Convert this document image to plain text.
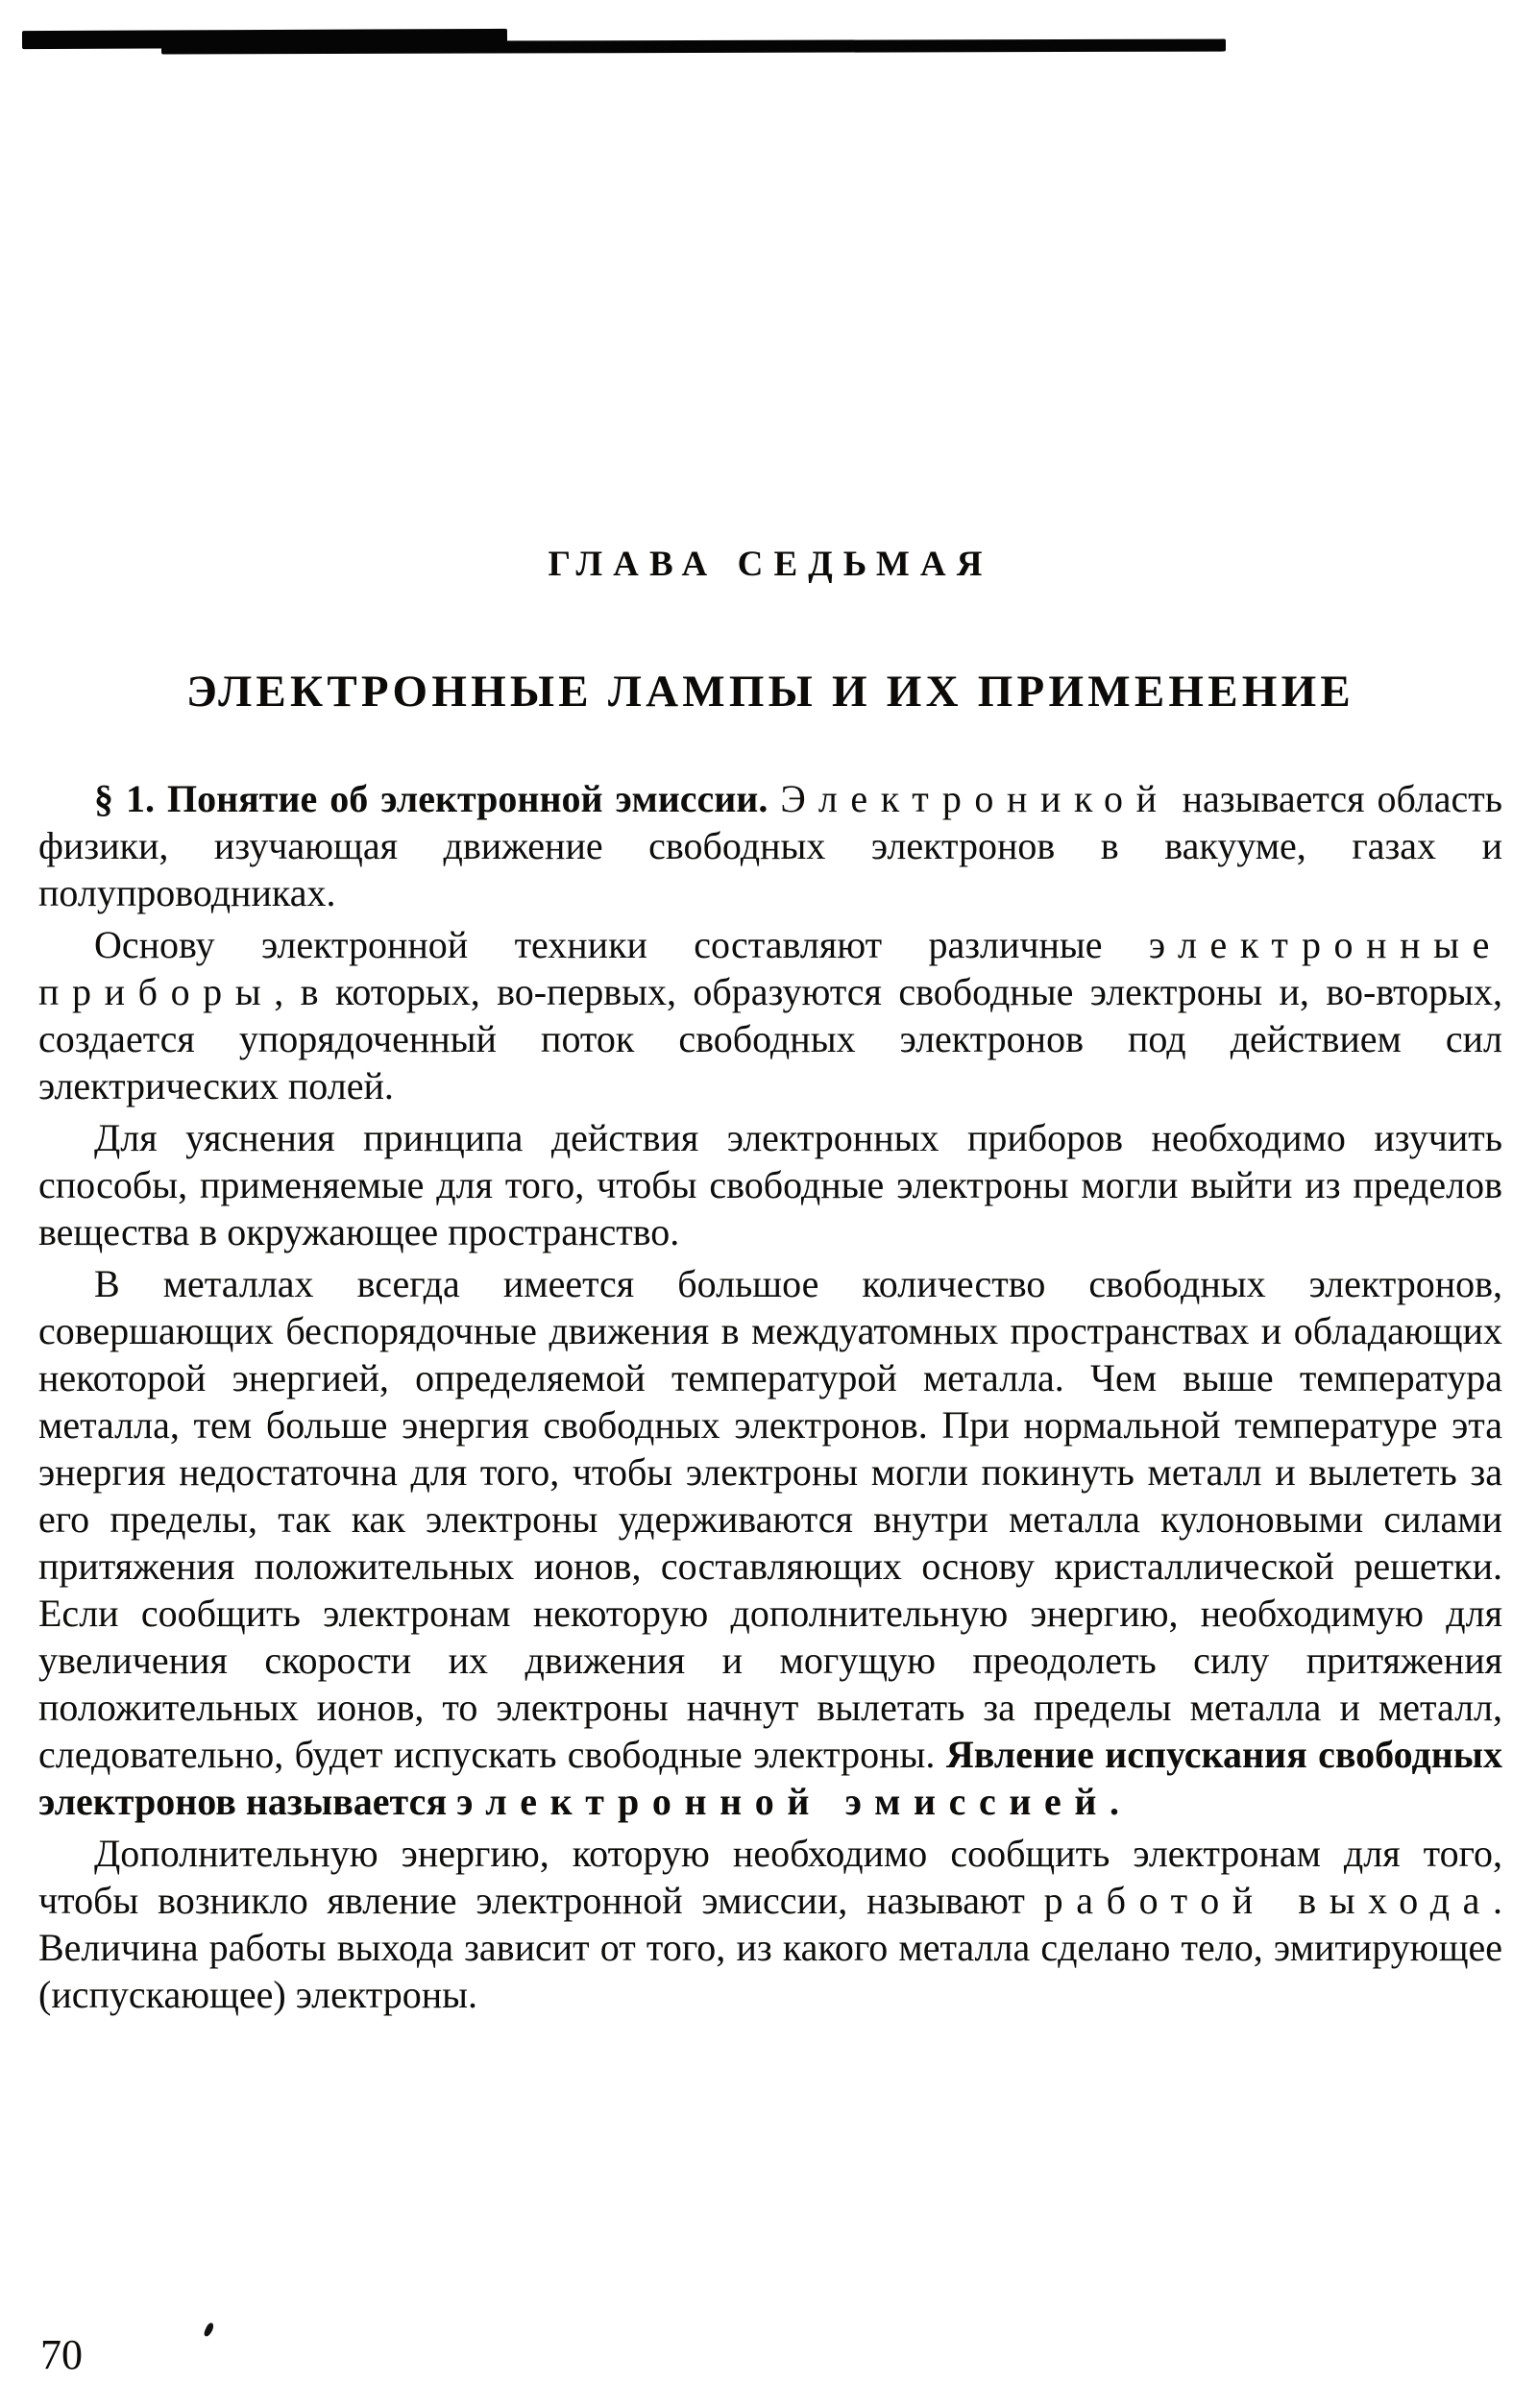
ГЛАВА СЕДЬМАЯ
ЭЛЕКТРОННЫЕ ЛАМПЫ И ИХ ПРИМЕНЕНИЕ

§ 1. Понятие об электронной эмиссии. Электроникой называется область физики, изучающая движение свободных электронов в вакууме, газах и полупроводниках.

Основу электронной техники составляют различные электронные приборы, в которых, во-первых, образуются свободные электроны и, во-вторых, создается упорядоченный поток свободных электронов под действием сил электрических полей.

Для уяснения принципа действия электронных приборов необходимо изучить способы, применяемые для того, чтобы свободные электроны могли выйти из пределов вещества в окружающее пространство.

В металлах всегда имеется большое количество свободных электронов, совершающих беспорядочные движения в междуатомных пространствах и обладающих некоторой энергией, определяемой температурой металла. Чем выше температура металла, тем больше энергия свободных электронов. При нормальной температуре эта энергия недостаточна для того, чтобы электроны могли покинуть металл и вылететь за его пределы, так как электроны удерживаются внутри металла кулоновыми силами притяжения положительных ионов, составляющих основу кристаллической решетки. Если сообщить электронам некоторую дополнительную энергию, необходимую для увеличения скорости их движения и могущую преодолеть силу притяжения положительных ионов, то электроны начнут вылетать за пределы металла и металл, следовательно, будет испускать свободные электроны. Явление испускания свободных электронов называется электронной эмиссией.

Дополнительную энергию, которую необходимо сообщить электронам для того, чтобы возникло явление электронной эмиссии, называют работой выхода. Величина работы выхода зависит от того, из какого металла сделано тело, эмитирующее (испускающее) электроны.

70
